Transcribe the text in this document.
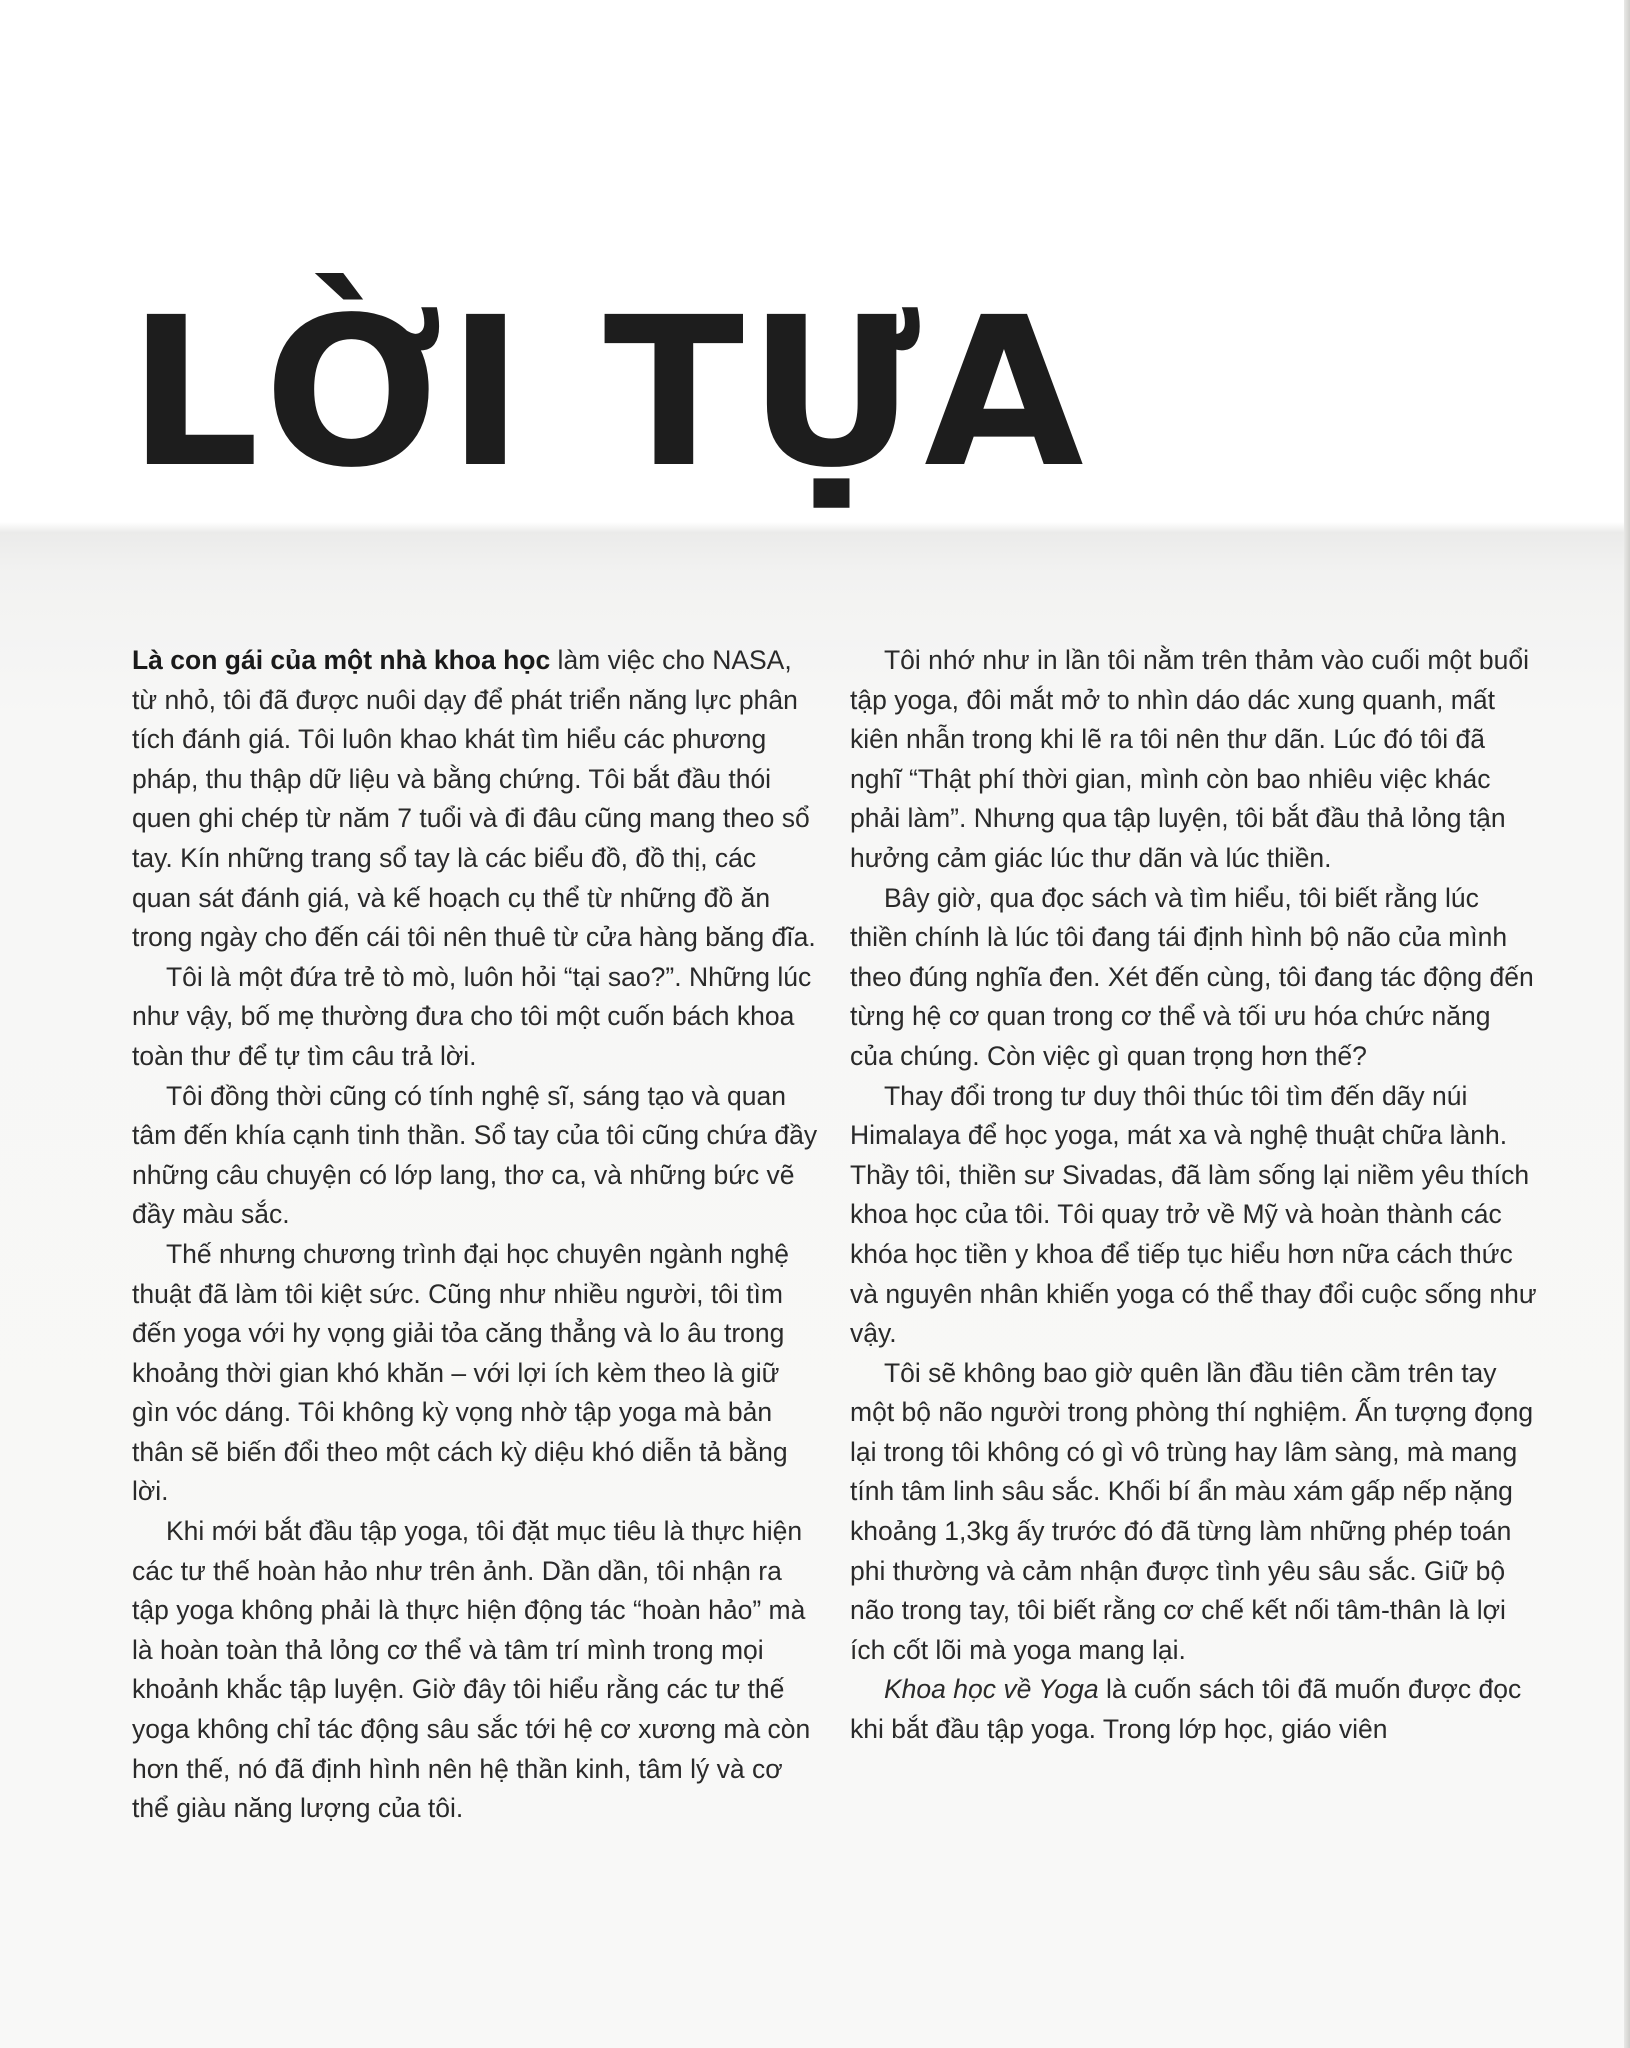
LỜI TỰA

Là con gái của một nhà khoa học làm việc cho NASA, từ nhỏ, tôi đã được nuôi dạy để phát triển năng lực phân tích đánh giá. Tôi luôn khao khát tìm hiểu các phương pháp, thu thập dữ liệu và bằng chứng. Tôi bắt đầu thói quen ghi chép từ năm 7 tuổi và đi đâu cũng mang theo sổ tay. Kín những trang sổ tay là các biểu đồ, đồ thị, các quan sát đánh giá, và kế hoạch cụ thể từ những đồ ăn trong ngày cho đến cái tôi nên thuê từ cửa hàng băng đĩa.

Tôi là một đứa trẻ tò mò, luôn hỏi “tại sao?”. Những lúc như vậy, bố mẹ thường đưa cho tôi một cuốn bách khoa toàn thư để tự tìm câu trả lời.

Tôi đồng thời cũng có tính nghệ sĩ, sáng tạo và quan tâm đến khía cạnh tinh thần. Sổ tay của tôi cũng chứa đầy những câu chuyện có lớp lang, thơ ca, và những bức vẽ đầy màu sắc.

Thế nhưng chương trình đại học chuyên ngành nghệ thuật đã làm tôi kiệt sức. Cũng như nhiều người, tôi tìm đến yoga với hy vọng giải tỏa căng thẳng và lo âu trong khoảng thời gian khó khăn – với lợi ích kèm theo là giữ gìn vóc dáng. Tôi không kỳ vọng nhờ tập yoga mà bản thân sẽ biến đổi theo một cách kỳ diệu khó diễn tả bằng lời.

Khi mới bắt đầu tập yoga, tôi đặt mục tiêu là thực hiện các tư thế hoàn hảo như trên ảnh. Dần dần, tôi nhận ra tập yoga không phải là thực hiện động tác “hoàn hảo” mà là hoàn toàn thả lỏng cơ thể và tâm trí mình trong mọi khoảnh khắc tập luyện. Giờ đây tôi hiểu rằng các tư thế yoga không chỉ tác động sâu sắc tới hệ cơ xương mà còn hơn thế, nó đã định hình nên hệ thần kinh, tâm lý và cơ thể giàu năng lượng của tôi.

Tôi nhớ như in lần tôi nằm trên thảm vào cuối một buổi tập yoga, đôi mắt mở to nhìn dáo dác xung quanh, mất kiên nhẫn trong khi lẽ ra tôi nên thư dãn. Lúc đó tôi đã nghĩ “Thật phí thời gian, mình còn bao nhiêu việc khác phải làm”. Nhưng qua tập luyện, tôi bắt đầu thả lỏng tận hưởng cảm giác lúc thư dãn và lúc thiền.

Bây giờ, qua đọc sách và tìm hiểu, tôi biết rằng lúc thiền chính là lúc tôi đang tái định hình bộ não của mình theo đúng nghĩa đen. Xét đến cùng, tôi đang tác động đến từng hệ cơ quan trong cơ thể và tối ưu hóa chức năng của chúng. Còn việc gì quan trọng hơn thế?

Thay đổi trong tư duy thôi thúc tôi tìm đến dãy núi Himalaya để học yoga, mát xa và nghệ thuật chữa lành. Thầy tôi, thiền sư Sivadas, đã làm sống lại niềm yêu thích khoa học của tôi. Tôi quay trở về Mỹ và hoàn thành các khóa học tiền y khoa để tiếp tục hiểu hơn nữa cách thức và nguyên nhân khiến yoga có thể thay đổi cuộc sống như vậy.

Tôi sẽ không bao giờ quên lần đầu tiên cầm trên tay một bộ não người trong phòng thí nghiệm. Ấn tượng đọng lại trong tôi không có gì vô trùng hay lâm sàng, mà mang tính tâm linh sâu sắc. Khối bí ẩn màu xám gấp nếp nặng khoảng 1,3kg ấy trước đó đã từng làm những phép toán phi thường và cảm nhận được tình yêu sâu sắc. Giữ bộ não trong tay, tôi biết rằng cơ chế kết nối tâm-thân là lợi ích cốt lõi mà yoga mang lại.

Khoa học về Yoga là cuốn sách tôi đã muốn được đọc khi bắt đầu tập yoga. Trong lớp học, giáo viên
